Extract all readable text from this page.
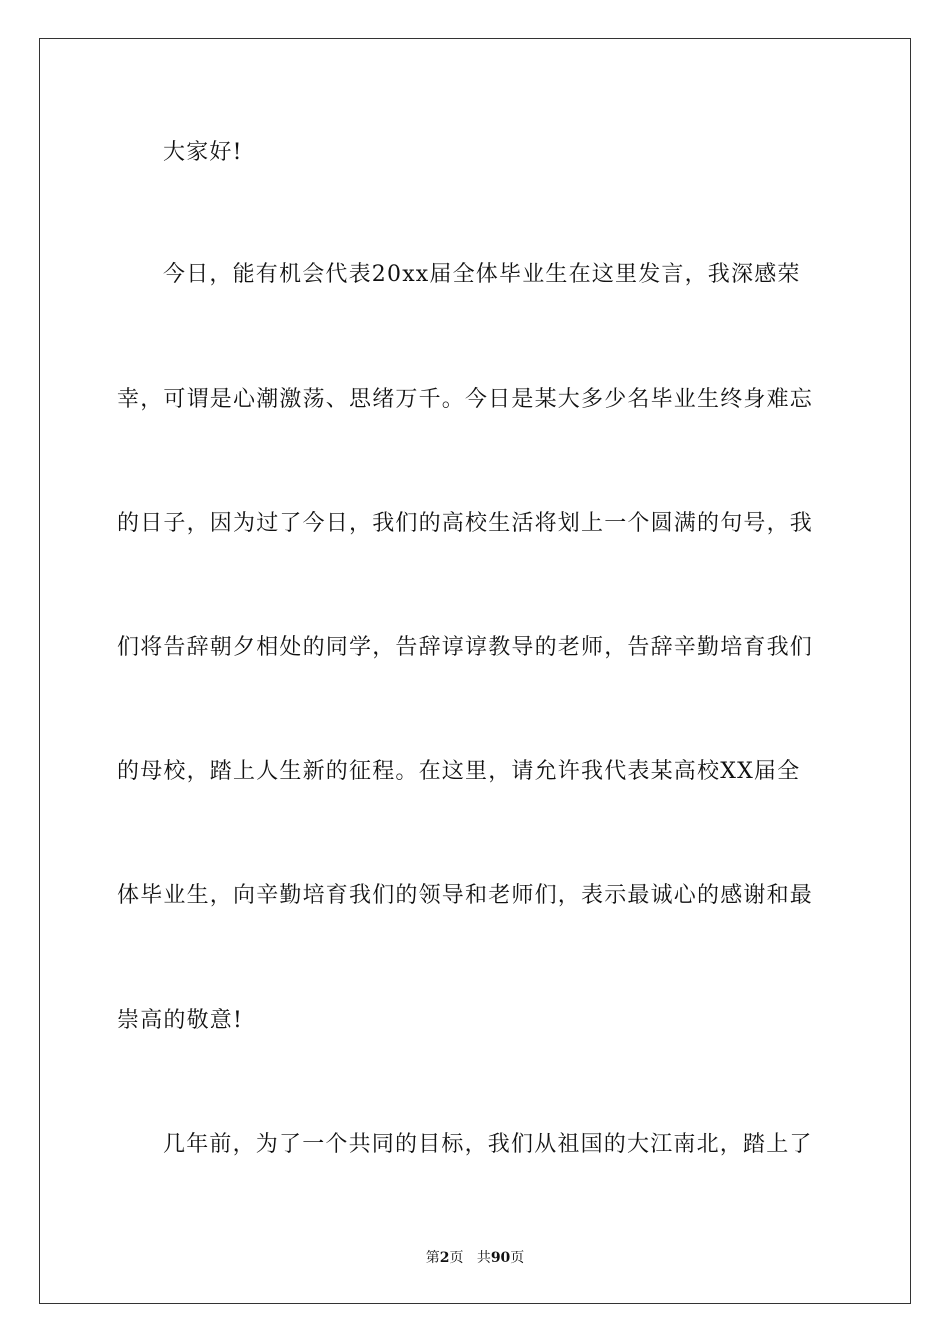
大家好!
今日，能有机会代表20xx届全体毕业生在这里发言，我深感荣
幸，可谓是心潮激荡、思绪万千。今日是某大多少名毕业生终身难忘
的日子，因为过了今日，我们的高校生活将划上一个圆满的句号，我
们将告辞朝夕相处的同学，告辞谆谆教导的老师，告辞辛勤培育我们
的母校，踏上人生新的征程。在这里，请允许我代表某高校XX届全
体毕业生，向辛勤培育我们的领导和老师们，表示最诚心的感谢和最
崇高的敬意!
几年前，为了一个共同的目标，我们从祖国的大江南北，踏上了
第2页 共90页
